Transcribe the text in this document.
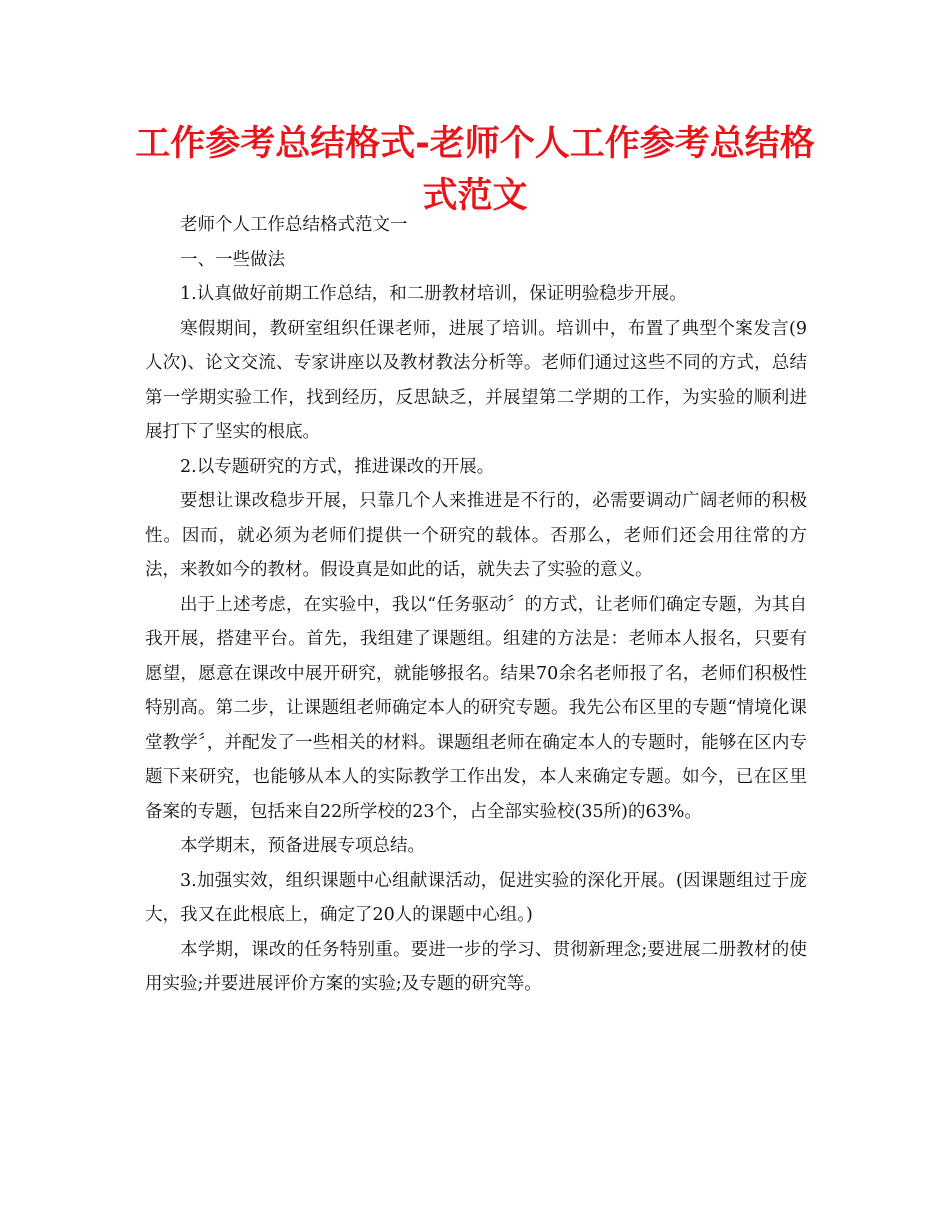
工作参考总结格式-老师个人工作参考总结格式范文

老师个人工作总结格式范文一

一、一些做法

1.认真做好前期工作总结，和二册教材培训，保证明验稳步开展。

寒假期间，教研室组织任课老师，进展了培训。培训中，布置了典型个案发言(9人次)、论文交流、专家讲座以及教材教法分析等。老师们通过这些不同的方式，总结第一学期实验工作，找到经历，反思缺乏，并展望第二学期的工作，为实验的顺利进展打下了坚实的根底。

2.以专题研究的方式，推进课改的开展。

要想让课改稳步开展，只靠几个人来推进是不行的，必需要调动广阔老师的积极性。因而，就必须为老师们提供一个研究的载体。否那么，老师们还会用往常的方法，来教如今的教材。假设真是如此的话，就失去了实验的意义。

出于上述考虑，在实验中，我以“任务驱动〞的方式，让老师们确定专题，为其自我开展，搭建平台。首先，我组建了课题组。组建的方法是：老师本人报名，只要有愿望，愿意在课改中展开研究，就能够报名。结果70余名老师报了名，老师们积极性特别高。第二步，让课题组老师确定本人的研究专题。我先公布区里的专题“情境化课堂教学〞，并配发了一些相关的材料。课题组老师在确定本人的专题时，能够在区内专题下来研究，也能够从本人的实际教学工作出发，本人来确定专题。如今，已在区里备案的专题，包括来自22所学校的23个，占全部实验校(35所)的63%。

本学期末，预备进展专项总结。

3.加强实效，组织课题中心组献课活动，促进实验的深化开展。(因课题组过于庞大，我又在此根底上，确定了20人的课题中心组。)

本学期，课改的任务特别重。要进一步的学习、贯彻新理念;要进展二册教材的使用实验;并要进展评价方案的实验;及专题的研究等。
